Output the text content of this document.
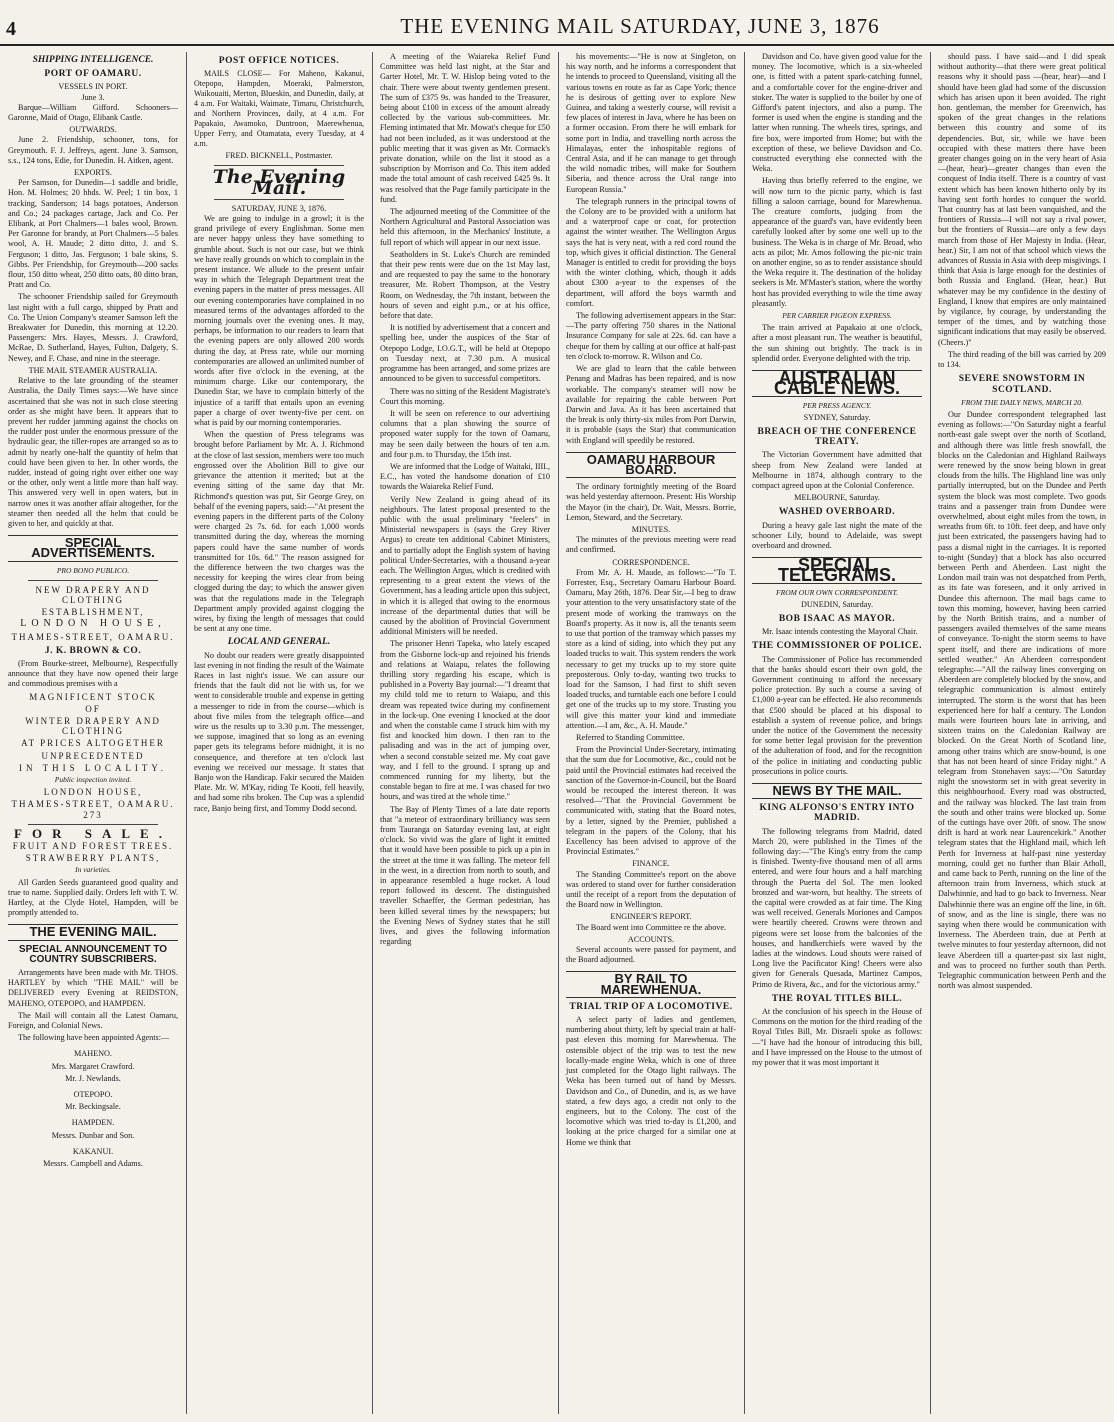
4	THE EVENING MAIL SATURDAY, JUNE 3, 1876
SHIPPING INTELLIGENCE.
PORT OF OAMARU.
VESSELS IN PORT.
June 3.

Barque—William Gifford. Schooners—Garonne, Maid of Otago, Elibank Castle.

OUTWARDS.

June 2. Friendship, schooner, tons, for Greymouth. F. J. Jeffreys, agent. June 3. Samson, s.s., 124 tons, Edie, for Dunedin. H. Aitken, agent.

EXPORTS.

Per Samson, for Dunedin—1 saddle and bridle, Hon. M. Holmes; 20 hhds. W. Peel; 1 tin box, 1 tracking, Sanderson; 14 bags potatoes, Anderson and Co.; 24 packages cartage, Jack and Co. Per Elibank, at Port Chalmers—1 bales wool, Brown. Per Garonne for brandy, at Port Chalmers—5 bales wool, A. H. Maude; 2 ditto ditto, J. and S. Ferguson; 1 ditto, Jas. Ferguson; 1 bale skins, S. Gibbs. Per Friendship, for Greymouth—200 sacks flour, 150 ditto wheat, 250 ditto oats, 80 ditto bran, Pratt and Co.

The schooner Friendship sailed for Greymouth last night with a full cargo, shipped by Pratt and Co. The Union Company's steamer Samson left the Breakwater for Dunedin, this morning at 12.20. Passengers: Mrs. Hayes, Messrs. J. Crawford, McRae, D. Sutherland, Hayes, Fulton, Dalgety, S. Newey, and F. Chase, and nine in the steerage.

THE MAIL STEAMER AUSTRALIA.

Relative to the late grounding of the steamer Australia, the Daily Times says:—We have since ascertained that she was not in such close steering order as she might have been. It appears that to prevent her rudder jamming against the chocks on the rudder post under the enormous pressure of the hydraulic gear, the tiller-ropes are arranged so as to admit by nearly one-half the quantity of helm that could have been given to her. In other words, the rudder, instead of going right over either one way or the other, only went a little more than half way. This answered very well in open waters, but in narrow ones it was another affair altogether, for the steamer then needed all the helm that could be given to her, and quickly at that.

SPECIAL ADVERTISEMENTS.
PRO BONO PUBLICO.
NEW DRAPERY AND CLOTHING
ESTABLISHMENT,
LONDON HOUSE,
THAMES-STREET, OAMARU.
J. K. BROWN & CO.

(From Bourke-street, Melbourne), Respectfully announce that they have now opened their large and commodious premises with a

MAGNIFICENT STOCK
OF
WINTER DRAPERY AND CLOTHING
AT PRICES ALTOGETHER
UNPRECEDENTED
IN THIS LOCALITY.
Public inspection invited.
LONDON HOUSE,
THAMES-STREET, OAMARU. 273
FOR SALE.
FRUIT AND FOREST TREES.
STRAWBERRY PLANTS,
In varieties.

All Garden Seeds guaranteed good quality and true to name. Supplied daily. Orders left with T. W. Hartley, at the Clyde Hotel, Hampden, will be promptly attended to.

THE EVENING MAIL.
SPECIAL ANNOUNCEMENT TO COUNTRY SUBSCRIBERS.

Arrangements have been made with Mr. THOS. HARTLEY by which "THE MAIL" will be DELIVERED every Evening at REIDSTON, MAHENO, OTEPOPO, and HAMPDEN.

The Mail will contain all the Latest Oamaru, Foreign, and Colonial News.

The following have been appointed Agents:—

MAHENO.
Mrs. Margaret Crawford.
Mr. J. Newlands.
OTEPOPO.
Mr. Beckingsale.
HAMPDEN.
Messrs. Dunbar and Son.
KAKANUI.
Messrs. Campbell and Adams.
POST OFFICE NOTICES.

MAILS CLOSE— For Maheno, Kakanui, Otepopo, Hampden, Moeraki, Palmerston, Waikouaiti, Merton, Blueskin, and Dunedin, daily, at 4 a.m. For Waitaki, Waimate, Timaru, Christchurch, and Northern Provinces, daily, at 4 a.m. For Papakaio, Awamoko, Duntroon, Maerewhenua, Upper Ferry, and Otamatata, every Tuesday, at 4 a.m.

FRED. BICKNELL, Postmaster.
The Evening Mail.
SATURDAY, JUNE 3, 1876.

We are going to indulge in a growl; it is the grand privilege of every Englishman. Some men are never happy unless they have something to grumble about. Such is not our case, but we think we have really grounds on which to complain in the present instance. We allude to the present unfair way in which the Telegraph Department treat the evening papers in the matter of press messages. All our evening contemporaries have complained in no measured terms of the advantages afforded to the morning journals over the evening ones. It may, perhaps, be information to our readers to learn that the evening papers are only allowed 200 words during the day, at Press rate, while our morning contemporaries are allowed an unlimited number of words after five o'clock in the evening, at the minimum charge. Like our contemporary, the Dunedin Star, we have to complain bitterly of the injustice of a tariff that entails upon an evening paper a charge of over twenty-five per cent. on what is paid by our morning contemporaries.

When the question of Press telegrams was brought before Parliament by Mr. A. J. Richmond at the close of last session, members were too much engrossed over the Abolition Bill to give our grievance the attention it merited; but at the evening sitting of the same day that Mr. Richmond's question was put, Sir George Grey, on behalf of the evening papers, said:—"At present the evening papers in the different parts of the Colony were charged 2s 7s. 6d. for each 1,000 words transmitted during the day, whereas the morning papers could have the same number of words transmitted for 10s. 6d." The reason assigned for the difference between the two charges was the necessity for keeping the wires clear from being clogged during the day; to which the answer given was that the regulations made in the Telegraph Department amply provided against clogging the wires, by fixing the length of messages that could be sent at any one time.

LOCAL AND GENERAL.

No doubt our readers were greatly disappointed last evening in not finding the result of the Waimate Races in last night's issue. We can assure our friends that the fault did not lie with us, for we went to considerable trouble and expense in getting a messenger to ride in from the course—which is about five miles from the telegraph office—and wire us the results up to 3.30 p.m. The messenger, we suppose, imagined that so long as an evening paper gets its telegrams before midnight, it is no consequence, and therefore at ten o'clock last evening we received our message. It states that Banjo won the Handicap. Fakir secured the Maiden Plate. Mr. W. M'Kay, riding Te Kooti, fell heavily, and had some ribs broken. The Cup was a splendid race, Banjo being first, and Tommy Dodd second.

A meeting of the Waiareka Relief Fund Committee was held last night, at the Star and Garter Hotel, Mr. T. W. Hislop being voted to the chair. There were about twenty gentlemen present. The sum of £375 9s. was handed to the Treasurer, being about £100 in excess of the amount already collected by the various sub-committees. Mr. Fleming intimated that Mr. Mowat's cheque for £50 had not been included, as it was understood at the public meeting that it was given as Mr. Cormack's private donation, while on the list it stood as a subscription by Morrison and Co. This item added made the total amount of cash received £425 9s. It was resolved that the Page family participate in the fund.

The adjourned meeting of the Committee of the Northern Agricultural and Pastoral Association was held this afternoon, in the Mechanics' Institute, a full report of which will appear in our next issue.

Seatholders in St. Luke's Church are reminded that their pew rents were due on the 1st May last, and are requested to pay the same to the honorary treasurer, Mr. Robert Thompson, at the Vestry Room, on Wednesday, the 7th instant, between the hours of seven and eight p.m., or at his office, before that date.

It is notified by advertisement that a concert and spelling bee, under the auspices of the Star of Otepopo Lodge, I.O.G.T., will be held at Otepopo on Tuesday next, at 7.30 p.m. A musical programme has been arranged, and some prizes are announced to be given to successful competitors.

There was no sitting of the Resident Magistrate's Court this morning.

It will be seen on reference to our advertising columns that a plan showing the source of proposed water supply for the town of Oamaru, may be seen daily between the hours of ten a.m. and four p.m. to Thursday, the 15th inst.

We are informed that the Lodge of Waitaki, IIII., E.C., has voted the handsome donation of £10 towards the Waiareka Relief Fund.

Verily New Zealand is going ahead of its neighbours. The latest proposal presented to the public with the usual preliminary "feelers" in Ministerial newspapers is (says the Grey River Argus) to create ten additional Cabinet Ministers, and to partially adopt the English system of having political Under-Secretaries, with a thousand a-year each. The Wellington Argus, which is credited with representing to a great extent the views of the Government, has a leading article upon this subject, in which it is alleged that owing to the enormous increase of the departmental duties that will be caused by the abolition of Provincial Government additional Ministers will be needed.

The prisoner Henri Tapeka, who lately escaped from the Gisborne lock-up and rejoined his friends and relations at Waiapu, relates the following thrilling story regarding his escape, which is published in a Poverty Bay journal:—"I dreamt that my child told me to return to Waiapu, and this dream was repeated twice during my confinement in the lock-up. One evening I knocked at the door and when the constable came I struck him with my fist and knocked him down. I then ran to the palisading and was in the act of jumping over, when a second constable seized me. My coat gave way, and I fell to the ground. I sprang up and commenced running for my liberty, but the constable began to fire at me. I was chased for two hours, and was tired at the whole time."

The Bay of Plenty Times of a late date reports that "a meteor of extraordinary brilliancy was seen from Tauranga on Saturday evening last, at eight o'clock. So vivid was the glare of light it emitted that it would have been possible to pick up a pin in the street at the time it was falling. The meteor fell in the west, in a direction from north to south, and in appearance resembled a huge rocket. A loud report followed its descent. The distinguished traveller Schaeffer, the German pedestrian, has been killed several times by the newspapers; but the Evening News of Sydney states that he still lives, and gives the following information regarding

his movements:—"He is now at Singleton, on his way north, and he informs a correspondent that he intends to proceed to Queensland, visiting all the various towns en route as far as Cape York; thence he is desirous of getting over to explore New Guinea, and taking a westerly course, will revisit a few places of interest in Java, where he has been on a former occasion. From there he will embark for some port in India, and travelling north across the Himalayas, enter the inhospitable regions of Central Asia, and if he can manage to get through the wild nomadic tribes, will make for Southern Siberia, and thence across the Ural range into European Russia."

The telegraph runners in the principal towns of the Colony are to be provided with a uniform hat and a waterproof cape or coat, for protection against the winter weather. The Wellington Argus says the hat is very neat, with a red cord round the top, which gives it official distinction. The General Manager is entitled to credit for providing the boys with the winter clothing, which, though it adds about £300 a-year to the expenses of the department, will afford the boys warmth and comfort.

The following advertisement appears in the Star:—The party offering 750 shares in the National Insurance Company for sale at 22s. 6d. can have a cheque for them by calling at our office at half-past ten o'clock to-morrow. R. Wilson and Co.

We are glad to learn that the cable between Penang and Madras has been repaired, and is now workable. The company's steamer will now be available for repairing the cable between Port Darwin and Java. As it has been ascertained that the break is only thirty-six miles from Port Darwin, it is probable (says the Star) that communication with England will speedily be restored.

OAMARU HARBOUR BOARD.

The ordinary fortnightly meeting of the Board was held yesterday afternoon. Present: His Worship the Mayor (in the chair), Dr. Wait, Messrs. Borrie, Lemon, Steward, and the Secretary.

MINUTES.

The minutes of the previous meeting were read and confirmed.

CORRESPONDENCE.

From Mr. A. H. Maude, as follows:—"To T. Forrester, Esq., Secretary Oamaru Harbour Board. Oamaru, May 26th, 1876. Dear Sir,—I beg to draw your attention to the very unsatisfactory state of the present mode of working the tramways on the Board's property. As it now is, all the tenants seem to use that portion of the tramway which passes my store as a kind of siding, into which they put any loaded trucks to wait. This system renders the work necessary to get my trucks up to my store quite preposterous. Only to-day, wanting two trucks to load for the Samson, I had first to shift seven loaded trucks, and turntable each one before I could get one of the trucks up to my store. Trusting you will give this matter your kind and immediate attention.—I am, &c., A. H. Maude."

Referred to Standing Committee.

From the Provincial Under-Secretary, intimating that the sum due for Locomotive, &c., could not be paid until the Provincial estimates had received the sanction of the Governor-in-Council, but the Board would be recouped the interest thereon. It was resolved—"That the Provincial Government be communicated with, stating that the Board notes, by a letter, signed by the Premier, published a telegram in the papers of the Colony, that his Excellency has been advised to approve of the Provincial Estimates."

FINANCE.

The Standing Committee's report on the above was ordered to stand over for further consideration until the receipt of a report from the deputation of the Board now in Wellington.

ENGINEER'S REPORT.

The Board went into Committee re the above.

ACCOUNTS.

Several accounts were passed for payment, and the Board adjourned.

BY RAIL TO MAREWHENUA.
TRIAL TRIP OF A LOCOMOTIVE.

A select party of ladies and gentlemen, numbering about thirty, left by special train at half-past eleven this morning for Marewhenua. The ostensible object of the trip was to test the new locally-made engine Weka, which is one of three just completed for the Otago light railways. The Weka has been turned out of hand by Messrs. Davidson and Co., of Dunedin, and is, as we have stated, a few days ago, a credit not only to the engineers, but to the Colony. The cost of the locomotive which was tried to-day is £1,200, and looking at the price charged for a similar one at Home we think that

Davidson and Co. have given good value for the money. The locomotive, which is a six-wheeled one, is fitted with a patent spark-catching funnel, and a comfortable cover for the engine-driver and stoker. The water is supplied to the boiler by one of Gifford's patent injectors, and also a pump. The former is used when the engine is standing and the latter when running. The wheels tires, springs, and fire box, were imported from Home; but with the exception of these, we believe Davidson and Co. constructed everything else connected with the Weka.

Having thus briefly referred to the engine, we will now turn to the picnic party, which is fast filling a saloon carriage, bound for Marewhenua. The creature comforts, judging from the appearance of the guard's van, have evidently been carefully looked after by some one well up to the business. The Weka is in charge of Mr. Broad, who acts as pilot; Mr. Amos following the pic-nic train on another engine, so as to render assistance should the Weka require it. The destination of the holiday seekers is Mr. M'Master's station, where the worthy host has provided everything to wile the time away pleasantly.

PER CARRIER PIGEON EXPRESS.

The train arrived at Papakaio at one o'clock, after a most pleasant run. The weather is beautiful, the sun shining out brightly. The track is in splendid order. Everyone delighted with the trip.

AUSTRALIAN CABLE NEWS.
PER PRESS AGENCY.
SYDNEY, Saturday.
BREACH OF THE CONFERENCE TREATY.

The Victorian Government have admitted that sheep from New Zealand were landed at Melbourne in 1874, although contrary to the compact agreed upon at the Colonial Conference.

MELBOURNE, Saturday.
WASHED OVERBOARD.

During a heavy gale last night the mate of the schooner Lily, bound to Adelaide, was swept overboard and drowned.

SPECIAL TELEGRAMS.
FROM OUR OWN CORRESPONDENT.
DUNEDIN, Saturday.
BOB ISAAC AS MAYOR.

Mr. Isaac intends contesting the Mayoral Chair.

THE COMMISSIONER OF POLICE.

The Commissioner of Police has recommended that the banks should escort their own gold, the Government continuing to afford the necessary police protection. By such a course a saving of £1,000 a-year can be effected. He also recommends that £500 should be placed at his disposal to establish a system of revenue police, and brings under the notice of the Government the necessity for some better legal provision for the prevention of the adulteration of food, and for the recognition of the police in initiating and conducting public prosecutions in police courts.

NEWS BY THE MAIL.
KING ALFONSO'S ENTRY INTO MADRID.

The following telegrams from Madrid, dated March 20, were published in the Times of the following day:—"The King's entry from the camp is finished. Twenty-five thousand men of all arms entered, and were four hours and a half marching through the Puerta del Sol. The men looked bronzed and war-worn, but healthy. The streets of the capital were crowded as at fair time. The King was well received. Generals Moriones and Campos were heartily cheered. Crowns were thrown and pigeons were set loose from the balconies of the houses, and handkerchiefs were waved by the ladies at the windows. Loud shouts were raised of Long live the Pacificator King! Cheers were also given for Generals Quesada, Martinez Campos, Primo de Rivera, &c., and for the victorious army."

THE ROYAL TITLES BILL.

At the conclusion of his speech in the House of Commons on the motion for the third reading of the Royal Titles Bill, Mr. Disraeli spoke as follows:—"I have had the honour of introducing this bill, and I have impressed on the House to the utmost of my power that it was most important it

should pass. I have said—and I did speak without authority—that there were great political reasons why it should pass —(hear, hear)—and I should have been glad had some of the discussion which has arisen upon it been avoided. The right hon. gentleman, the member for Greenwich, has spoken of the great changes in the relations between this country and some of its dependencies. But, sir, while we have been occupied with these matters there have been greater changes going on in the very heart of Asia—(hear, hear)—greater changes than even the conquest of India itself. There is a country of vast extent which has been known hitherto only by its having sent forth hordes to conquer the world. That country has at last been vanquished, and the frontiers of Russia—I will not say a rival power, but the frontiers of Russia—are only a few days march from those of Her Majesty in India. (Hear, hear.) Sir, I am not of that school which views the advances of Russia in Asia with deep misgivings. I think that Asia is large enough for the destinies of both Russia and England. (Hear, hear.) But whatever may be my confidence in the destiny of England, I know that empires are only maintained by vigilance, by courage, by understanding the temper of the times, and by watching those significant indications that may easily be observed. (Cheers.)"

The third reading of the bill was carried by 209 to 134.

SEVERE SNOWSTORM IN SCOTLAND.
FROM THE DAILY NEWS, MARCH 20.

Our Dundee correspondent telegraphed last evening as follows:—"On Saturday night a fearful north-east gale swept over the north of Scotland, and although there was little fresh snowfall, the blocks on the Caledonian and Highland Railways were renewed by the snow being blown in great clouds from the hills. The Highland line was only partially interrupted, but on the Dundee and Perth system the block was most complete. Two goods trains and a passenger train from Dundee were overwhelmed, about eight miles from the town, in wreaths from 6ft. to 10ft. feet deep, and have only just been extricated, the passengers having had to pass a dismal night in the carriages. It is reported to-night (Sunday) that a block has also occurred between Perth and Aberdeen. Last night the London mail train was not despatched from Perth, as its fate was foreseen, and it only arrived in Dundee this afternoon. The mail bags came to town this morning, however, having been carried by the North British trains, and a number of passengers availed themselves of the same means of conveyance. To-night the storm seems to have spent itself, and there are indications of more settled weather." An Aberdeen correspondent telegraphs:—"All the railway lines converging on Aberdeen are completely blocked by the snow, and telegraphic communication is almost entirely interrupted. The storm is the worst that has been experienced here for half a century. The London mails were fourteen hours late in arriving, and sixteen trains on the Caledonian Railway are blocked. On the Great North of Scotland line, among other trains which are snow-bound, is one that has not been heard of since Friday night." A telegram from Stonehaven says:—"On Saturday night the snowstorm set in with great severity in this neighbourhood. Every road was obstructed, and the railway was blocked. The last train from the south and other trains were blocked up. Some of the cuttings have over 20ft. of snow. The snow drift is hard at work near Laurencekirk." Another telegram states that the Highland mail, which left Perth for Inverness at half-past nine yesterday morning, could get no further than Blair Atholl, and came back to Perth, running on the line of the afternoon train from Inverness, which stuck at Dalwhinnie, and had to go back to Inverness. Near Dalwhinnie there was an engine off the line, in 6ft. of snow, and as the line is single, there was no saying when there would be communication with Inverness. The Aberdeen train, due at Perth at twelve minutes to four yesterday afternoon, did not leave Aberdeen till a quarter-past six last night, and was to proceed no further south than Perth. Telegraphic communication between Perth and the north was almost suspended.
